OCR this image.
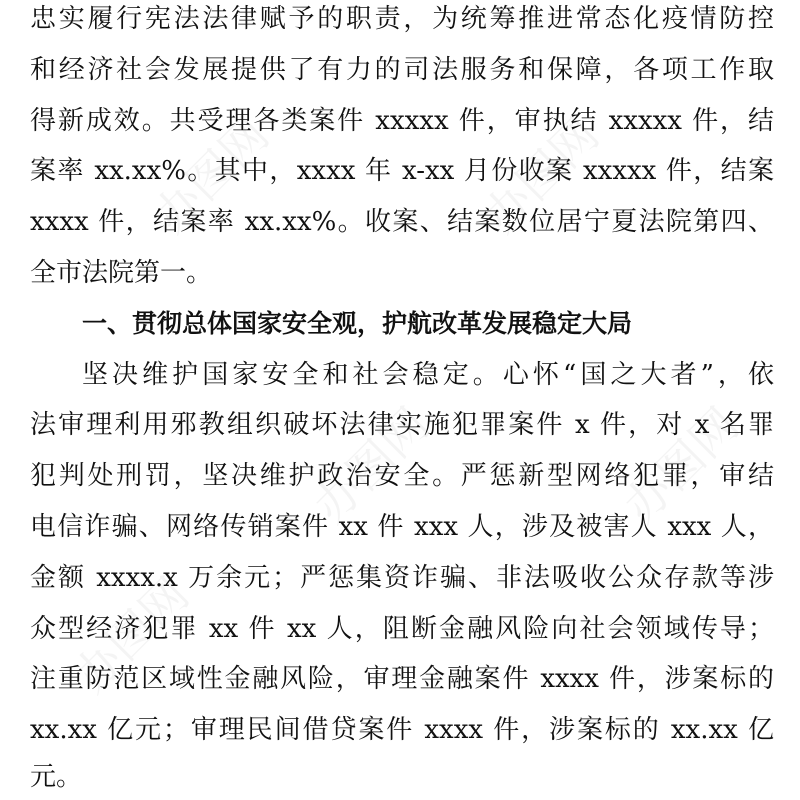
办图网	办图网
办图网	办图网
办图网
忠实履行宪法法律赋予的职责，为统筹推进常态化疫情防控
和经济社会发展提供了有力的司法服务和保障，各项工作取
得新成效。共受理各类案件 xxxxx 件，审执结 xxxxx 件，结
案率 xx.xx%。其中，xxxx 年 x-xx 月份收案 xxxxx 件，结案
xxxx 件，结案率 xx.xx%。收案、结案数位居宁夏法院第四、
全市法院第一。
一、贯彻总体国家安全观，护航改革发展稳定大局
坚决维护国家安全和社会稳定。心怀“国之大者”，依
法审理利用邪教组织破坏法律实施犯罪案件 x 件，对 x 名罪
犯判处刑罚，坚决维护政治安全。严惩新型网络犯罪，审结
电信诈骗、网络传销案件 xx 件 xxx 人，涉及被害人 xxx 人，
金额 xxxx.x 万余元；严惩集资诈骗、非法吸收公众存款等涉
众型经济犯罪 xx 件 xx 人，阻断金融风险向社会领域传导；
注重防范区域性金融风险，审理金融案件 xxxx 件，涉案标的
xx.xx 亿元；审理民间借贷案件 xxxx 件，涉案标的 xx.xx 亿
元。
